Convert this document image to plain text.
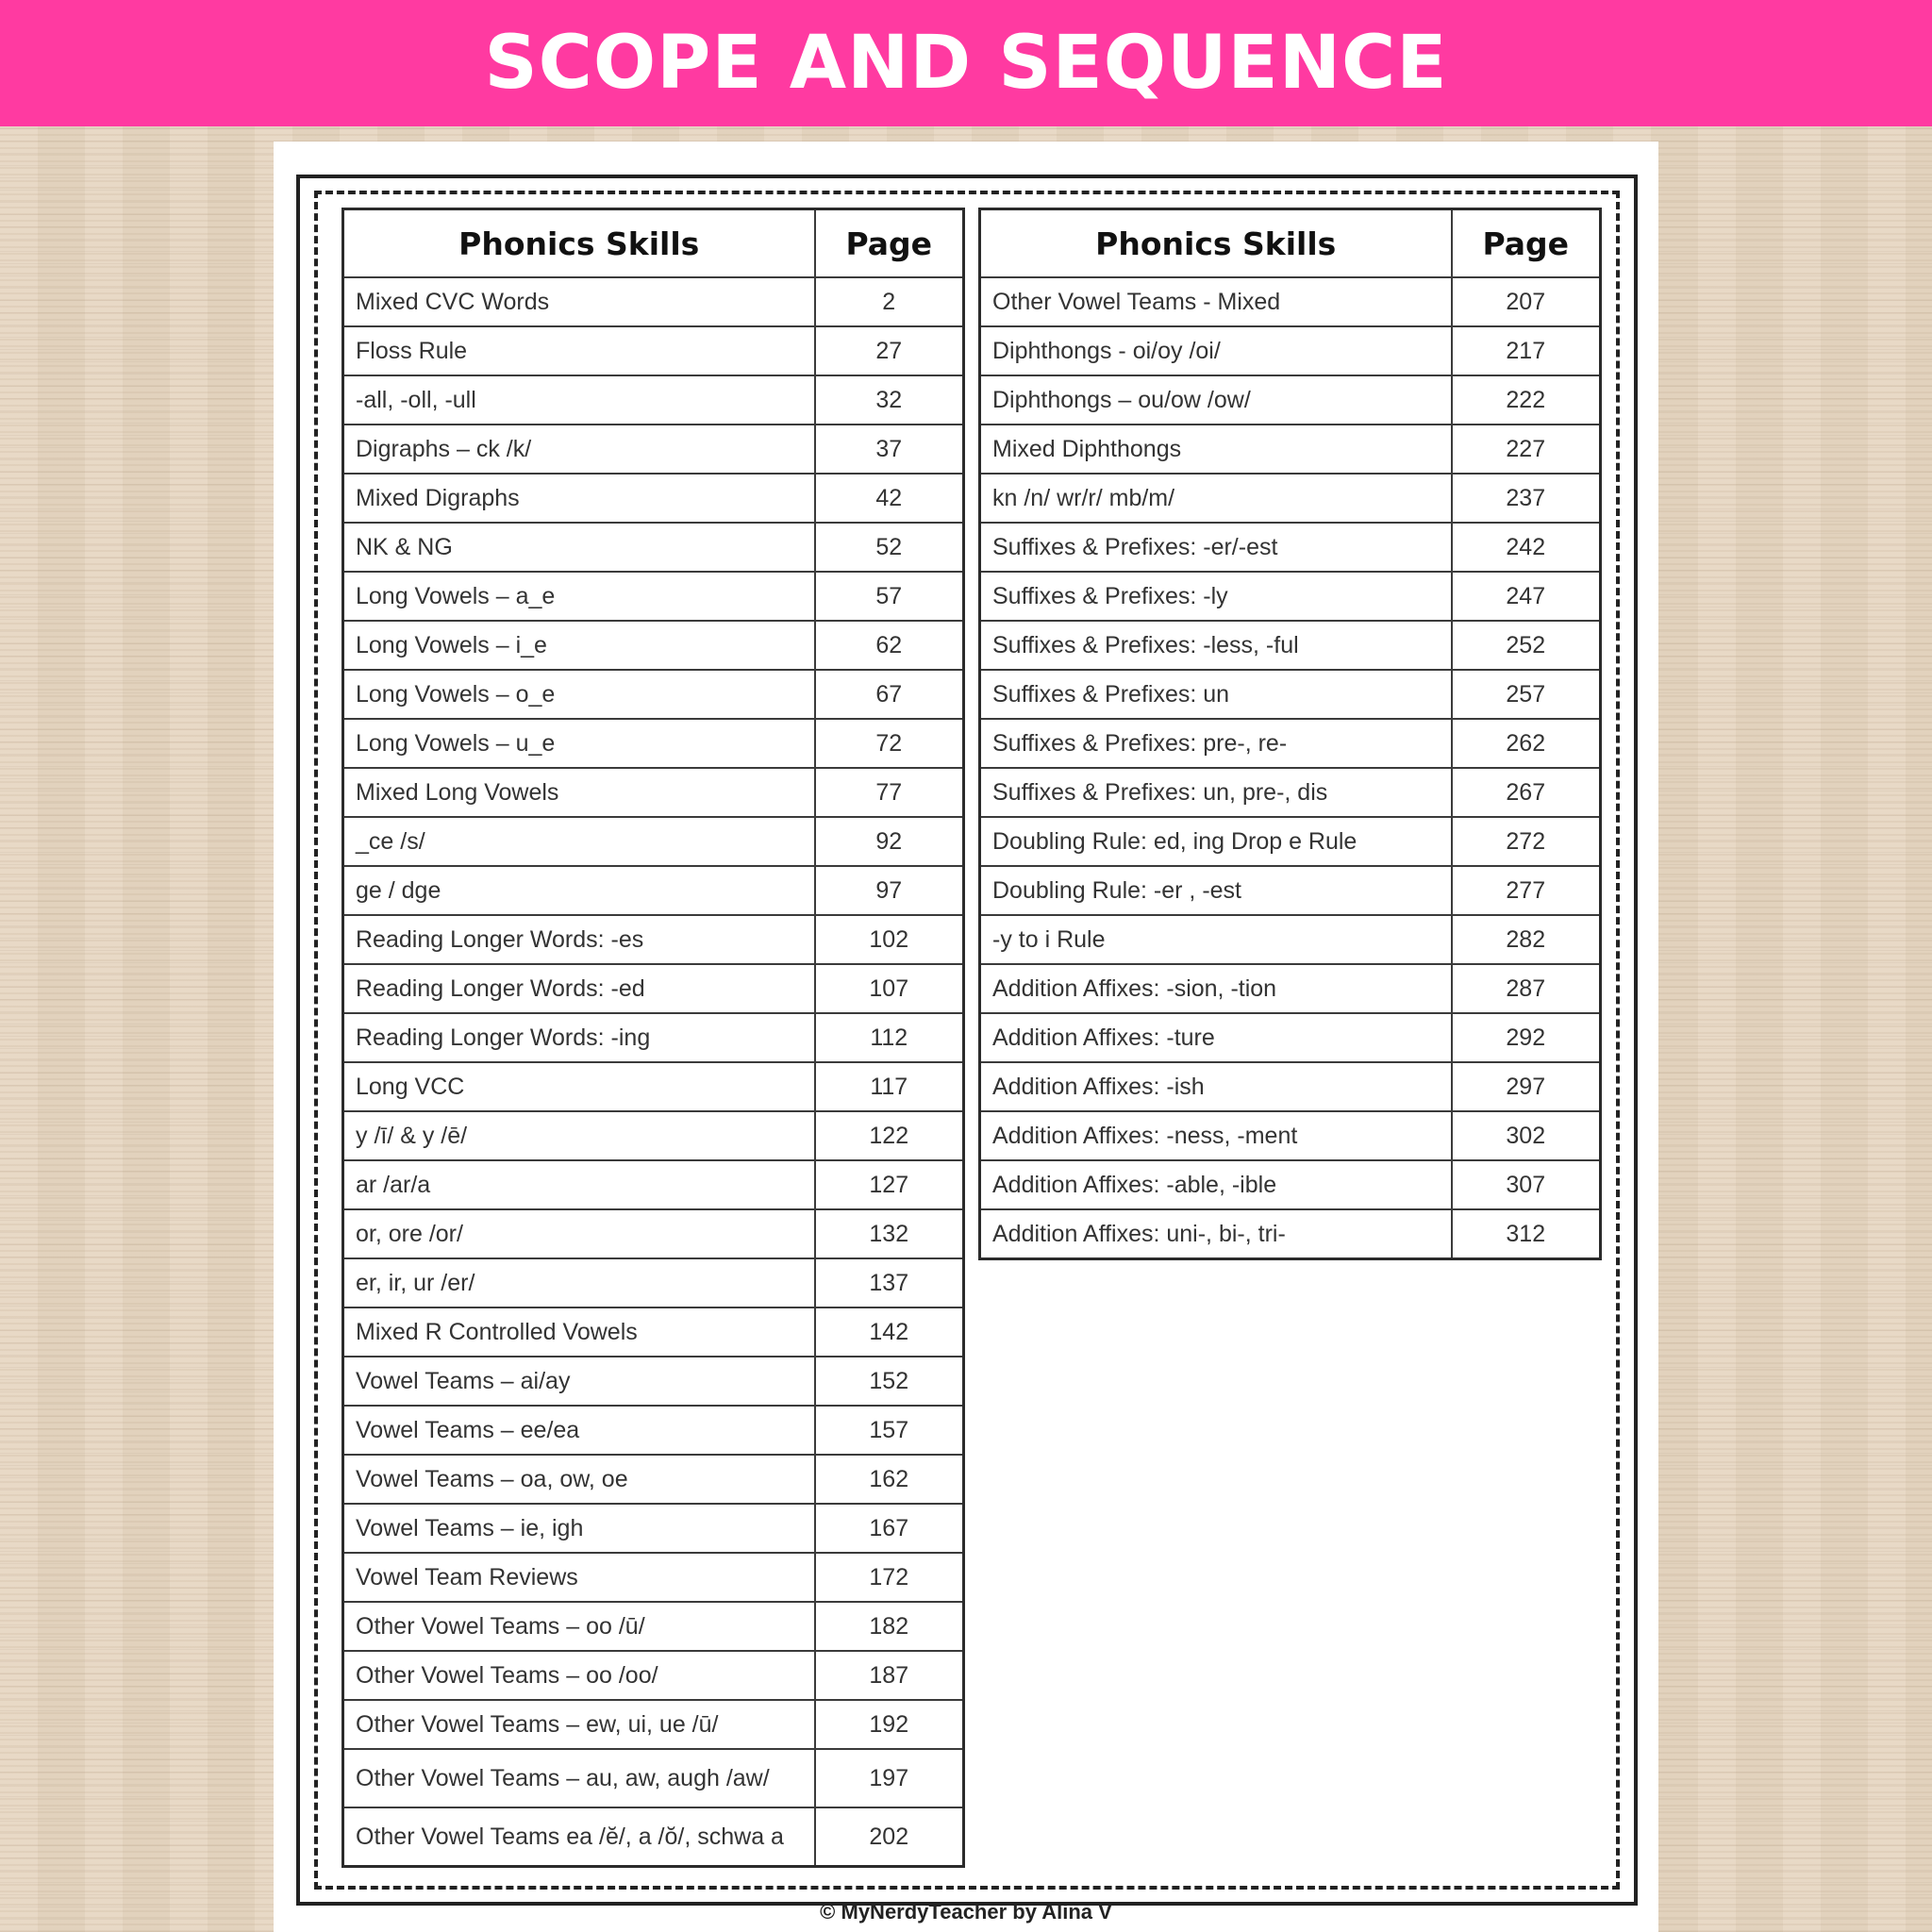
SCOPE AND SEQUENCE
Phonics Skills	Page
Mixed CVC Words	2
Floss Rule	27
-all, -oll, -ull	32
Digraphs – ck /k/	37
Mixed Digraphs	42
NK & NG	52
Long Vowels – a_e	57
Long Vowels – i_e	62
Long Vowels – o_e	67
Long Vowels – u_e	72
Mixed Long Vowels	77
_ce /s/	92
ge / dge	97
Reading Longer Words: -es	102
Reading Longer Words: -ed	107
Reading Longer Words: -ing	112
Long VCC	117
y /ī/ & y /ē/	122
ar /ar/a	127
or, ore /or/	132
er, ir, ur /er/	137
Mixed R Controlled Vowels	142
Vowel Teams – ai/ay	152
Vowel Teams – ee/ea	157
Vowel Teams – oa, ow, oe	162
Vowel Teams – ie, igh	167
Vowel Team Reviews	172
Other Vowel Teams – oo /ū/	182
Other Vowel Teams – oo /oo/	187
Other Vowel Teams – ew, ui, ue /ū/	192
Other Vowel Teams – au, aw, augh /aw/	197
Other Vowel Teams ea /ĕ/, a /ŏ/, schwa a	202
Phonics Skills	Page
Other Vowel Teams - Mixed	207
Diphthongs - oi/oy /oi/	217
Diphthongs – ou/ow /ow/	222
Mixed Diphthongs	227
kn /n/ wr/r/ mb/m/	237
Suffixes & Prefixes: -er/-est	242
Suffixes & Prefixes: -ly	247
Suffixes & Prefixes: -less, -ful	252
Suffixes & Prefixes: un	257
Suffixes & Prefixes: pre-, re-	262
Suffixes & Prefixes: un, pre-, dis	267
Doubling Rule: ed, ing Drop e Rule	272
Doubling Rule: -er , -est	277
-y to i Rule	282
Addition Affixes: -sion, -tion	287
Addition Affixes: -ture	292
Addition Affixes: -ish	297
Addition Affixes: -ness, -ment	302
Addition Affixes: -able, -ible	307
Addition Affixes: uni-, bi-, tri-	312
© MyNerdyTeacher by Alina V
